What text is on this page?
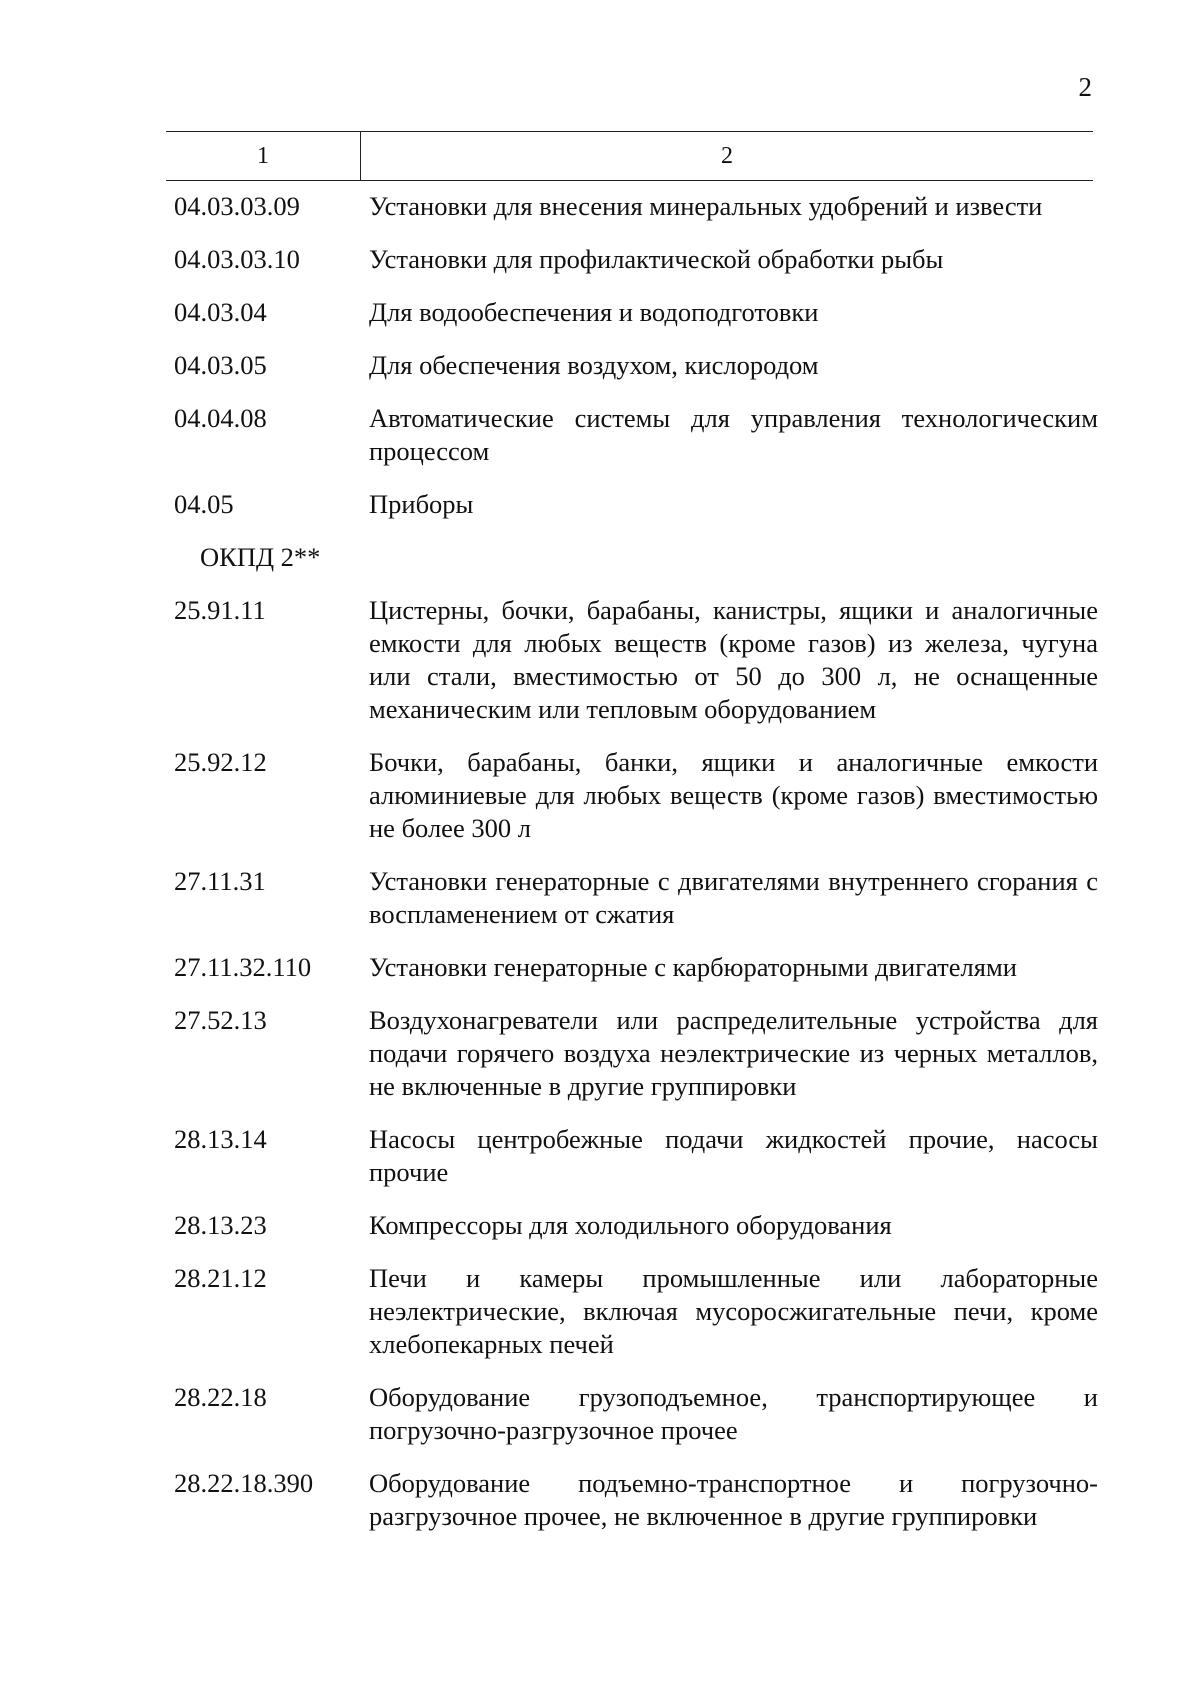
2
1	2
04.03.03.09	Установки для внесения минеральных удобрений и извести
04.03.03.10	Установки для профилактической обработки рыбы
04.03.04	Для водообеспечения и водоподготовки
04.03.05	Для обеспечения воздухом, кислородом
04.04.08	Автоматические системы для управления технологическим процессом
04.05	Приборы
ОКПД 2**
25.91.11	Цистерны, бочки, барабаны, канистры, ящики и аналогичные емкости для любых веществ (кроме газов) из железа, чугуна или стали, вместимостью от 50 до 300 л, не оснащенные механическим или тепловым оборудованием
25.92.12	Бочки, барабаны, банки, ящики и аналогичные емкости алюминиевые для любых веществ (кроме газов) вместимостью не более 300 л
27.11.31	Установки генераторные с двигателями внутреннего сгорания с воспламенением от сжатия
27.11.32.110	Установки генераторные с карбюраторными двигателями
27.52.13	Воздухонагреватели или распределительные устройства для подачи горячего воздуха неэлектрические из черных металлов, не включенные в другие группировки
28.13.14	Насосы центробежные подачи жидкостей прочие, насосы прочие
28.13.23	Компрессоры для холодильного оборудования
28.21.12	Печи и камеры промышленные или лабораторные неэлектрические, включая мусоросжигательные печи, кроме хлебопекарных печей
28.22.18	Оборудование грузоподъемное, транспортирующее и погрузочно-разгрузочное прочее
28.22.18.390	Оборудование подъемно-транспортное и погрузочно-разгрузочное прочее, не включенное в другие группировки
